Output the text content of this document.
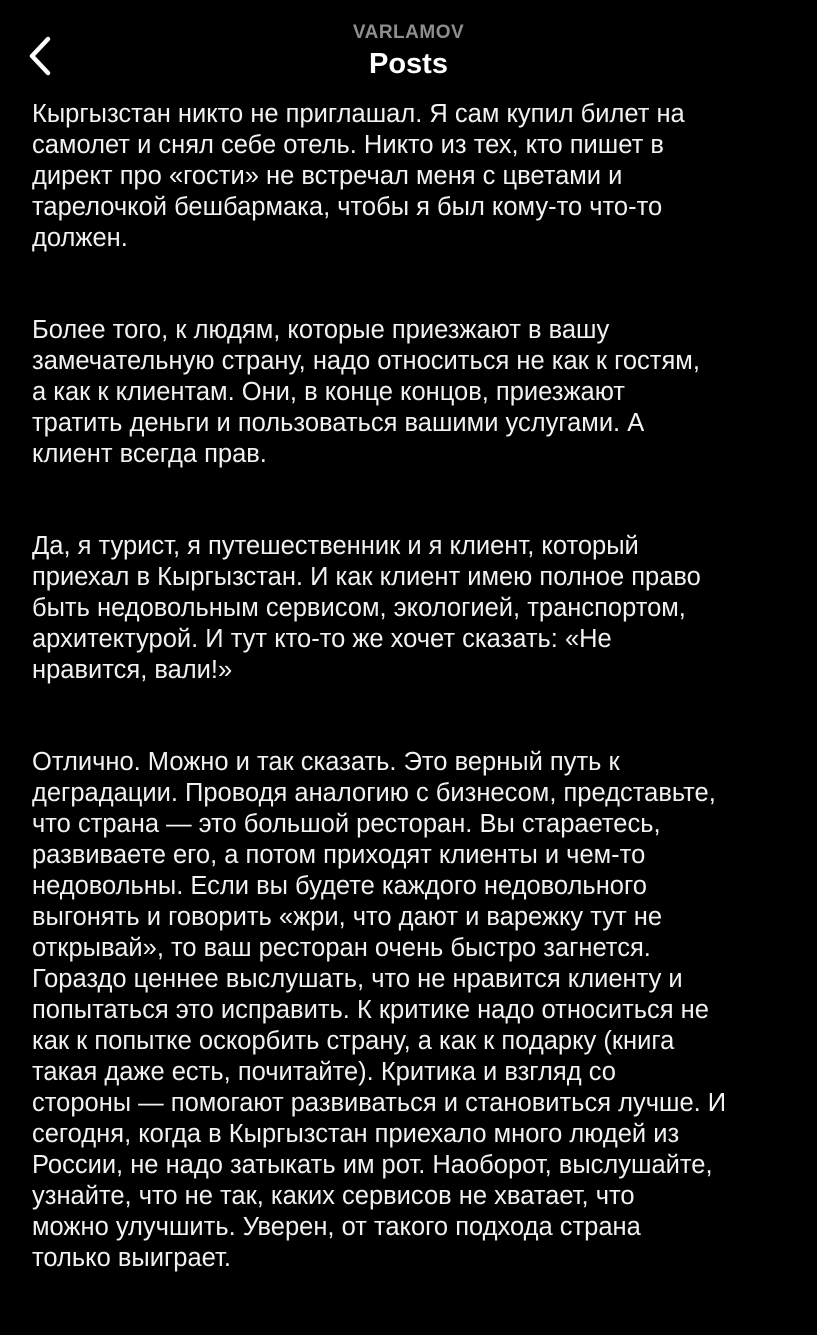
VARLAMOV
Posts

Кыргызстан никто не приглашал. Я сам купил билет на
самолет и снял себе отель. Никто из тех, кто пишет в
директ про «гости» не встречал меня с цветами и
тарелочкой бешбармака, чтобы я был кому-то что-то
должен.

Более того, к людям, которые приезжают в вашу
замечательную страну, надо относиться не как к гостям,
а как к клиентам. Они, в конце концов, приезжают
тратить деньги и пользоваться вашими услугами. А
клиент всегда прав.

Да, я турист, я путешественник и я клиент, который
приехал в Кыргызстан. И как клиент имею полное право
быть недовольным сервисом, экологией, транспортом,
архитектурой. И тут кто-то же хочет сказать: «Не
нравится, вали!»

Отлично. Можно и так сказать. Это верный путь к
деградации. Проводя аналогию с бизнесом, представьте,
что страна — это большой ресторан. Вы стараетесь,
развиваете его, а потом приходят клиенты и чем-то
недовольны. Если вы будете каждого недовольного
выгонять и говорить «жри, что дают и варежку тут не
открывай», то ваш ресторан очень быстро загнется.
Гораздо ценнее выслушать, что не нравится клиенту и
попытаться это исправить. К критике надо относиться не
как к попытке оскорбить страну, а как к подарку (книга
такая даже есть, почитайте). Критика и взгляд со
стороны — помогают развиваться и становиться лучше. И
сегодня, когда в Кыргызстан приехало много людей из
России, не надо затыкать им рот. Наоборот, выслушайте,
узнайте, что не так, каких сервисов не хватает, что
можно улучшить. Уверен, от такого подхода страна
только выиграет.
